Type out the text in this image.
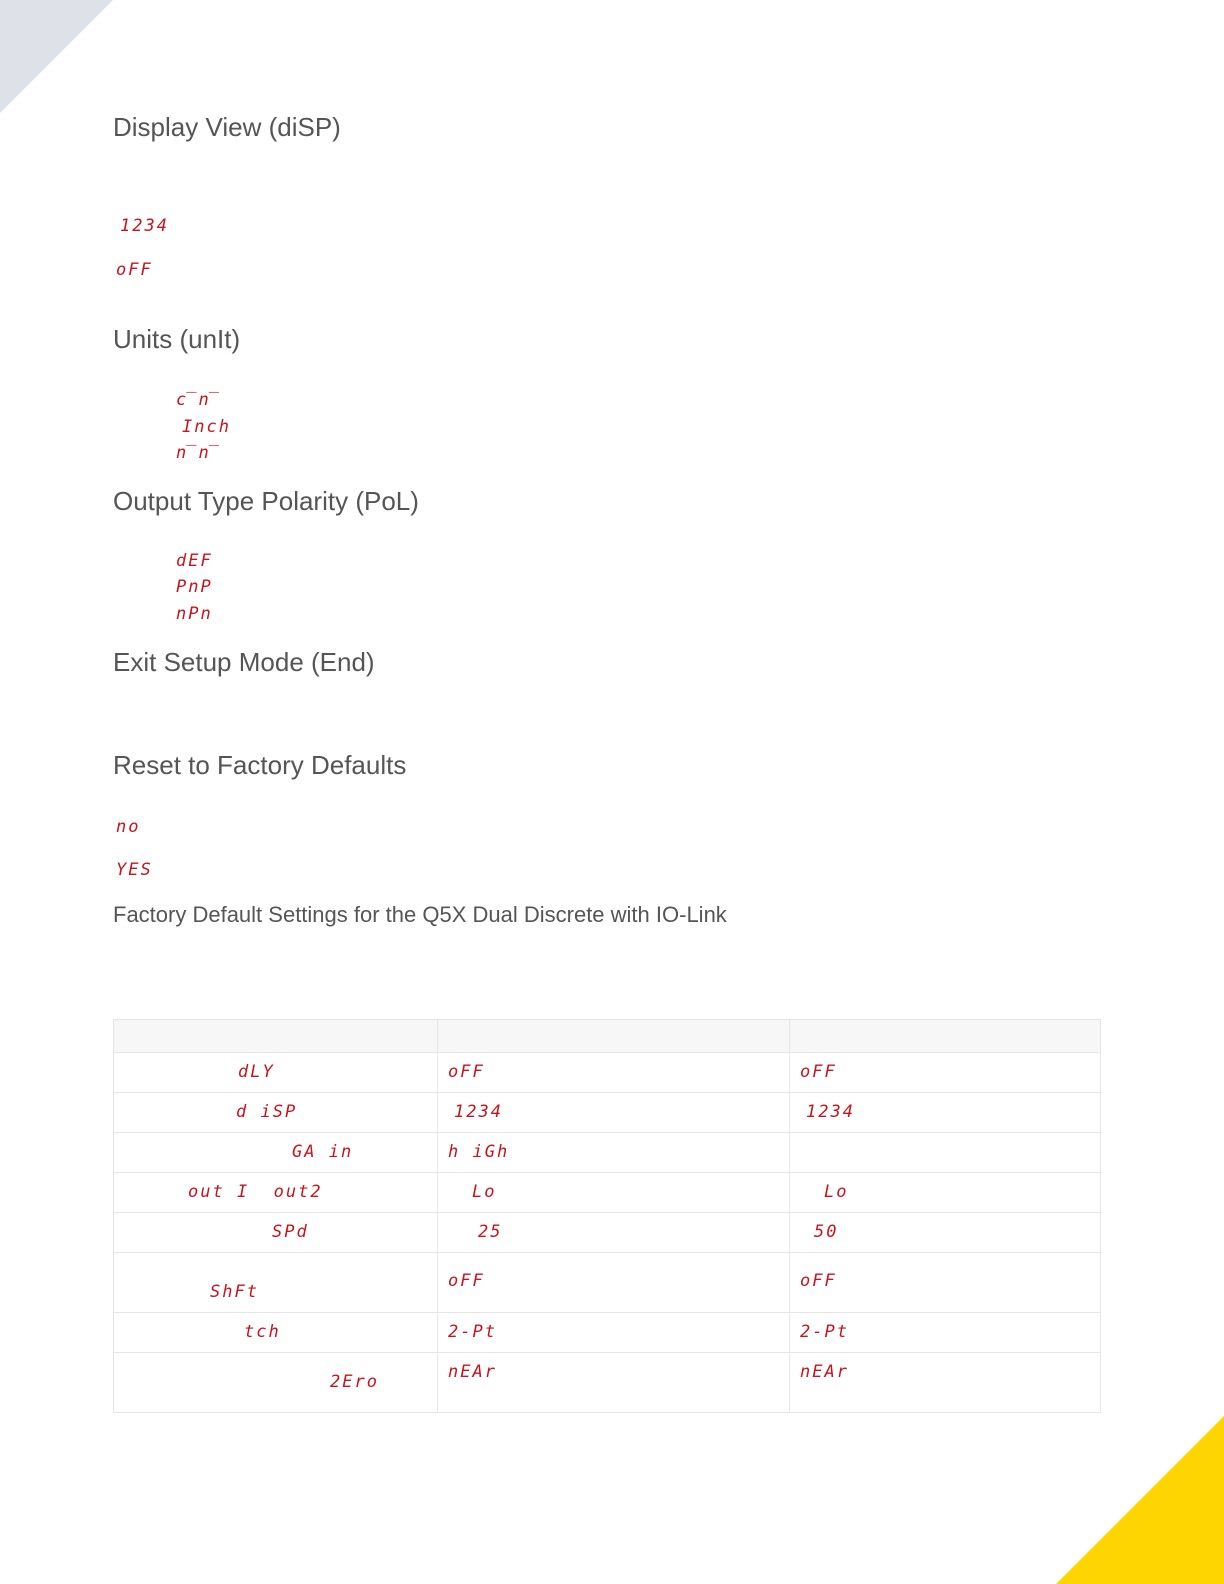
Display View (diSP)
1234
oFF
Units (unIt)
c̅n̅
Inch
n̅n̅
Output Type Polarity (PoL)
dEF
PnP
nPn
Exit Setup Mode (End)
Reset to Factory Defaults
no
YES
Factory Default Settings for the Q5X Dual Discrete with IO-Link

dLY	oFF	oFF

d iSP	1234	1234

GA in	h iGh	

out I  out2	Lo	Lo

SPd	25	50

ShFt	oFF	oFF

tch	2-Pt	2-Pt

2Ero	nEAr	nEAr
